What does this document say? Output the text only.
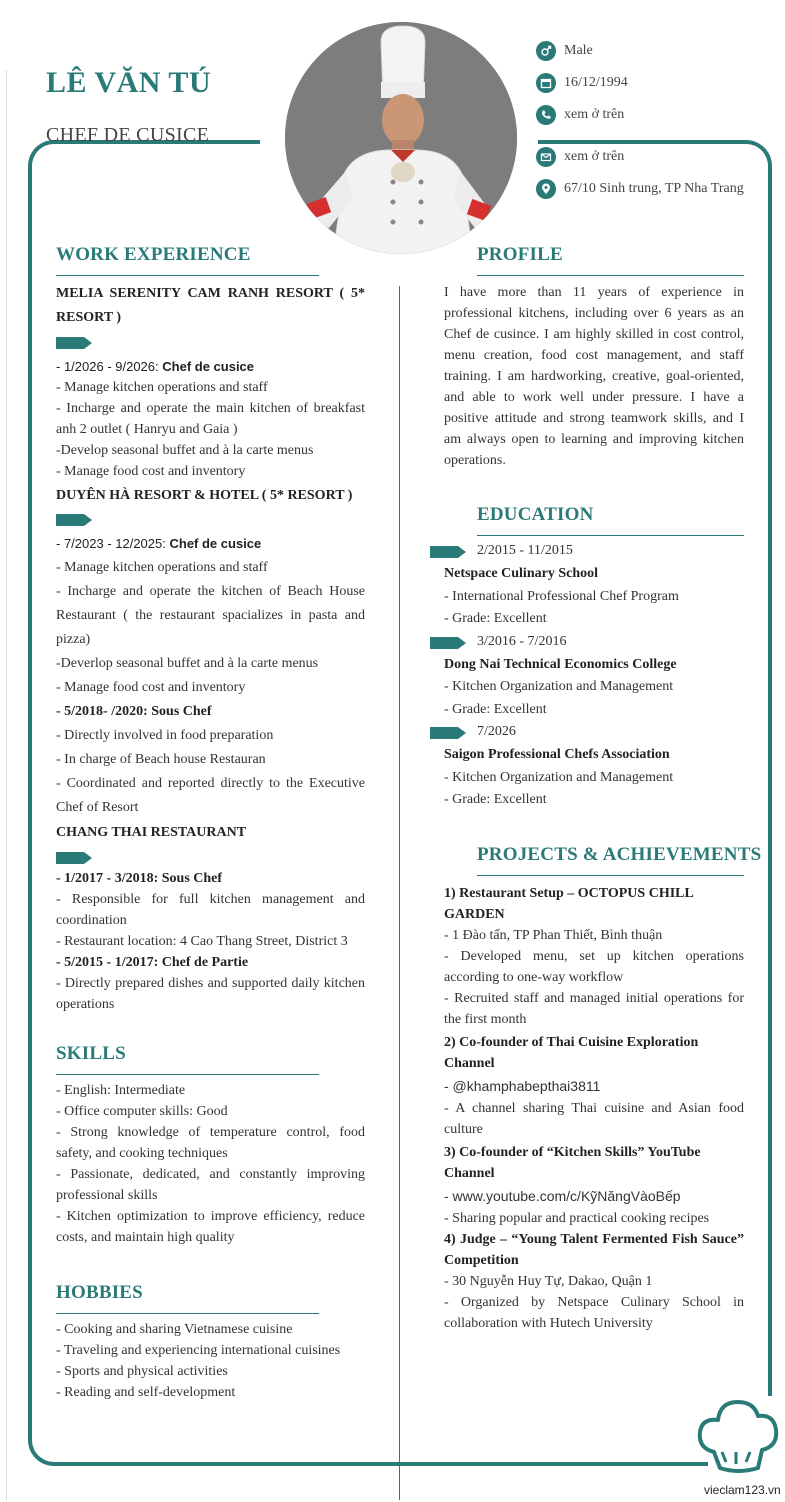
LÊ VĂN TÚ
CHEF DE CUSICE
Male
16/12/1994
xem ở trên
xem ở trên
67/10 Sinh trung, TP Nha Trang
WORK EXPERIENCE

MELIA SERENITY CAM RANH RESORT ( 5* RESORT )

- 1/2026 - 9/2026: Chef de cusice

- Manage kitchen operations and staff

- Incharge and operate the main kitchen of breakfast anh 2 outlet ( Hanryu and Gaia )

-Develop seasonal buffet and à la carte menus

- Manage food cost and inventory

DUYÊN HÀ RESORT & HOTEL ( 5* RESORT )

- 7/2023 - 12/2025: Chef de cusice

- Manage kitchen operations and staff

- Incharge and operate the kitchen of Beach House Restaurant ( the restaurant spacializes in pasta and pizza)

-Deverlop seasonal buffet and à la carte menus

- Manage food cost and inventory

- 5/2018- /2020: Sous Chef

- Directly involved in food preparation

- In charge of Beach house Restauran

- Coordinated and reported directly to the Executive Chef of Resort

CHANG THAI RESTAURANT

- 1/2017 - 3/2018: Sous Chef

- Responsible for full kitchen management and coordination

- Restaurant location: 4 Cao Thang Street, District 3

- 5/2015 - 1/2017: Chef de Partie

- Directly prepared dishes and supported daily kitchen operations

SKILLS

- English: Intermediate

- Office computer skills: Good

- Strong knowledge of temperature control, food safety, and cooking techniques

- Passionate, dedicated, and constantly improving professional skills

- Kitchen optimization to improve efficiency, reduce costs, and maintain high quality

HOBBIES

- Cooking and sharing Vietnamese cuisine

- Traveling and experiencing international cuisines

- Sports and physical activities

- Reading and self-development

PROFILE
I have more than 11 years of experience in professional kitchens, including over 6 years as an Chef de cusince. I am highly skilled in cost control, menu creation, food cost management, and staff training. I am hardworking, creative, goal-oriented, and able to work well under pressure. I have a positive attitude and strong teamwork skills, and I am always open to learning and improving kitchen operations.
EDUCATION
2/2015 - 11/2015

Netspace Culinary School

- International Professional Chef Program

- Grade: Excellent

3/2016 - 7/2016

Dong Nai Technical Economics College

- Kitchen Organization and Management

- Grade: Excellent

7/2026

Saigon Professional Chefs Association

- Kitchen Organization and Management

- Grade: Excellent

PROJECTS & ACHIEVEMENTS

1) Restaurant Setup – OCTOPUS CHILL GARDEN

- 1 Đào tấn, TP Phan Thiết, Bình thuận

- Developed menu, set up kitchen operations according to one-way workflow

- Recruited staff and managed initial operations for the first month

2) Co-founder of Thai Cuisine Exploration Channel

- @khamphabepthai3811

- A channel sharing Thai cuisine and Asian food culture

3) Co-founder of “Kitchen Skills” YouTube Channel

- www.youtube.com/c/KỹNăngVàoBếp

- Sharing popular and practical cooking recipes

4) Judge – “Young Talent Fermented Fish Sauce” Competition

- 30 Nguyễn Huy Tự, Dakao, Quận 1

- Organized by Netspace Culinary School in collaboration with Hutech University

vieclam123.vn
